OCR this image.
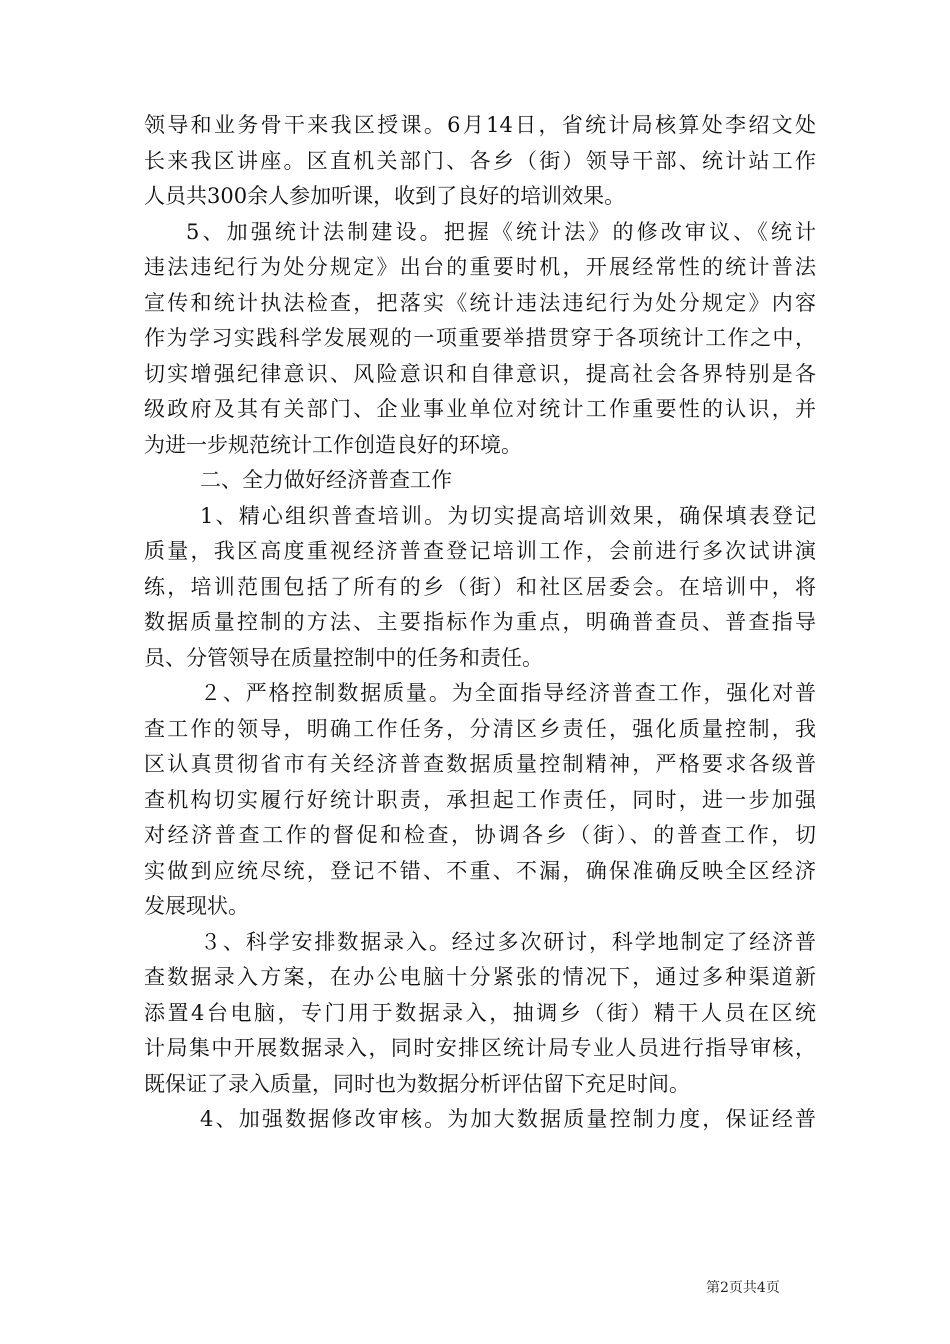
领导和业务骨干来我区授课。6月14日，省统计局核算处李绍文处
长来我区讲座。区直机关部门、各乡（街）领导干部、统计站工作
人员共300余人参加听课，收到了良好的培训效果。
5、加强统计法制建设。把握《统计法》的修改审议、《统计
违法违纪行为处分规定》出台的重要时机，开展经常性的统计普法
宣传和统计执法检查，把落实《统计违法违纪行为处分规定》内容
作为学习实践科学发展观的一项重要举措贯穿于各项统计工作之中，
切实增强纪律意识、风险意识和自律意识，提高社会各界特别是各
级政府及其有关部门、企业事业单位对统计工作重要性的认识，并
为进一步规范统计工作创造良好的环境。
二、全力做好经济普查工作
1、精心组织普查培训。为切实提高培训效果，确保填表登记
质量，我区高度重视经济普查登记培训工作，会前进行多次试讲演
练，培训范围包括了所有的乡（街）和社区居委会。在培训中，将
数据质量控制的方法、主要指标作为重点，明确普查员、普查指导
员、分管领导在质量控制中的任务和责任。
２、严格控制数据质量。为全面指导经济普查工作，强化对普
查工作的领导，明确工作任务，分清区乡责任，强化质量控制，我
区认真贯彻省市有关经济普查数据质量控制精神，严格要求各级普
查机构切实履行好统计职责，承担起工作责任，同时，进一步加强
对经济普查工作的督促和检查，协调各乡（街）、的普查工作，切
实做到应统尽统，登记不错、不重、不漏，确保准确反映全区经济
发展现状。
３、科学安排数据录入。经过多次研讨，科学地制定了经济普
查数据录入方案，在办公电脑十分紧张的情况下，通过多种渠道新
添置4台电脑，专门用于数据录入，抽调乡（街）精干人员在区统
计局集中开展数据录入，同时安排区统计局专业人员进行指导审核，
既保证了录入质量，同时也为数据分析评估留下充足时间。
4、加强数据修改审核。为加大数据质量控制力度，保证经普
第2页共4页
